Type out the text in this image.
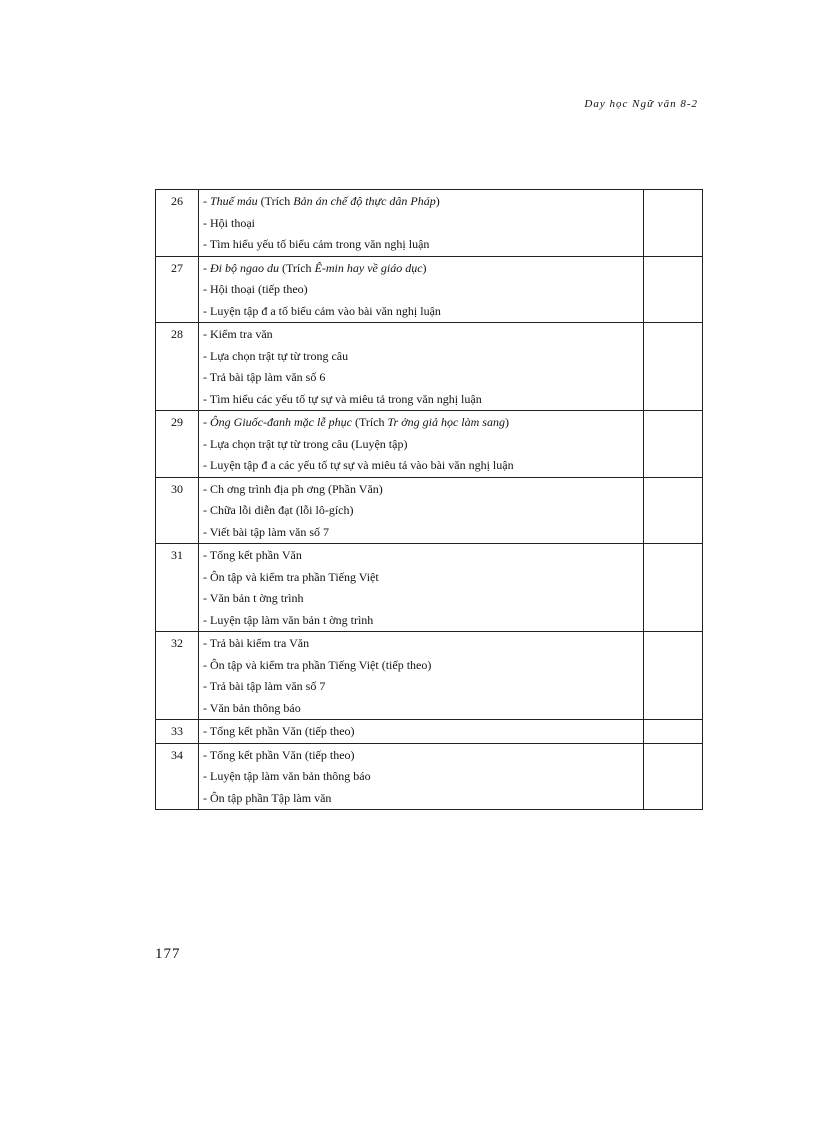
Day học Ngữ văn 8-2
26	- Thuế máu (Trích Bản án chế độ thực dân Pháp)
- Hội thoại
- Tìm hiểu yếu tố biểu cảm trong văn nghị luận	

27	- Đi bộ ngao du (Trích Ê-min hay về giáo dục)
- Hội thoại (tiếp theo)
- Luyện tập đ a tố biểu cảm vào bài văn nghị luận	

28	- Kiểm tra văn
- Lựa chọn trật tự từ trong câu
- Trả bài tập làm văn số 6
- Tìm hiểu các yếu tố tự sự và miêu tả trong văn nghị luận	

29	- Ông Giuốc-đanh mặc lễ phục (Trích Tr ởng giả học làm sang)
- Lựa chọn trật tự từ trong câu (Luyện tập)
- Luyện tập đ a các yếu tố tự sự và miêu tả vào bài văn nghị luận	

30	- Ch ơng trình địa ph ơng (Phần Văn)
- Chữa lỗi diễn đạt (lỗi lô-gích)
- Viết bài tập làm văn số 7	

31	- Tổng kết phần Văn
- Ôn tập và kiểm tra phần Tiếng Việt
- Văn bản t ờng trình
- Luyện tập làm văn bản t ờng trình	

32	- Trả bài kiểm tra Văn
- Ôn tập và kiểm tra phần Tiếng Việt (tiếp theo)
- Trả bài tập làm văn số 7
- Văn bản thông báo	

33	- Tổng kết phần Văn (tiếp theo)	

34	- Tổng kết phần Văn (tiếp theo)
- Luyện tập làm văn bản thông báo
- Ôn tập phần Tập làm văn	

177
